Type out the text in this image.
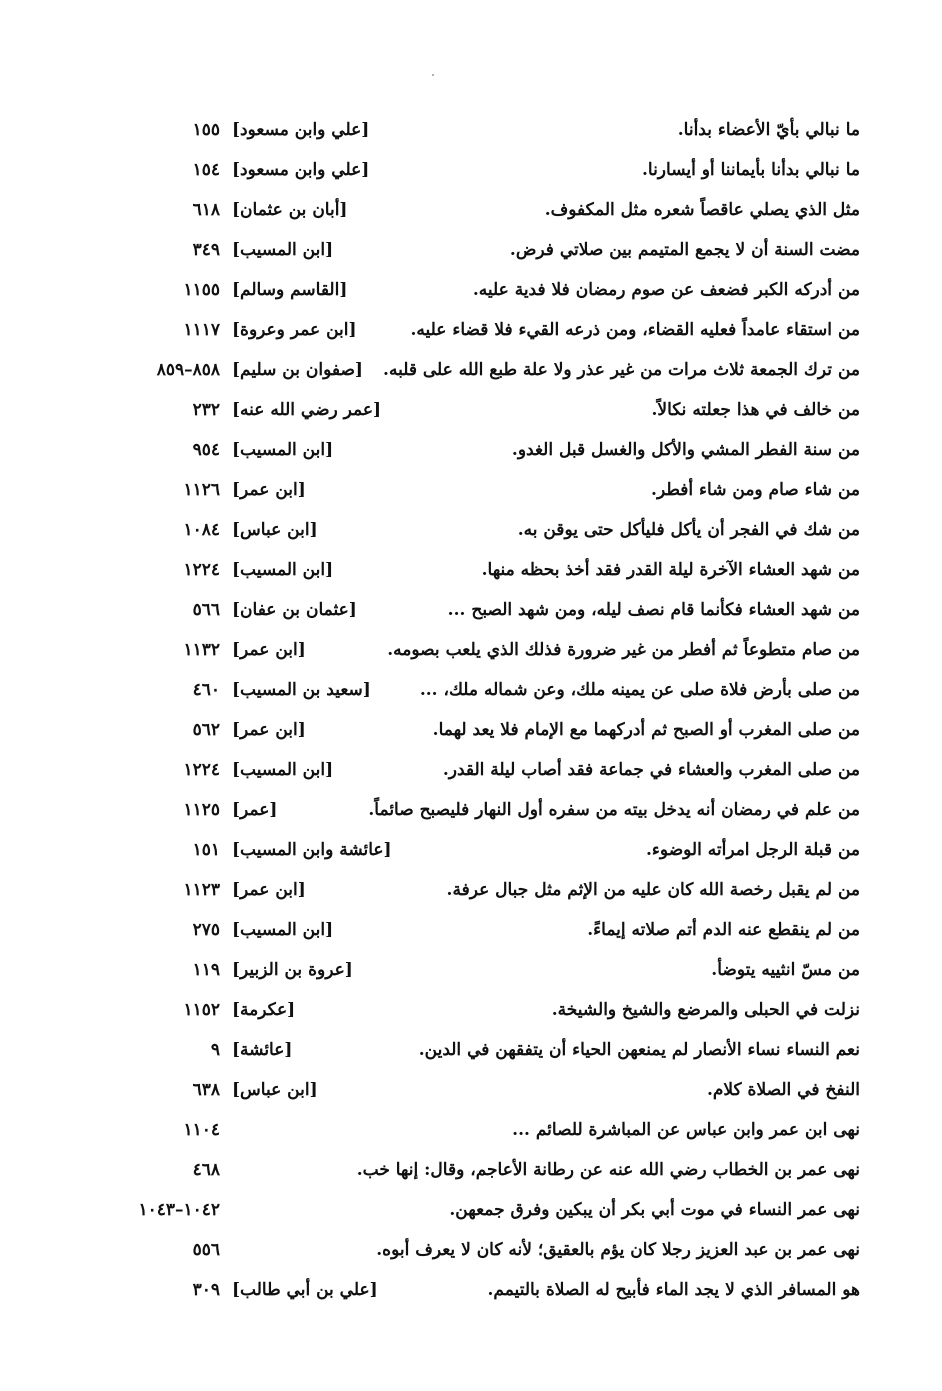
ما نبالي بأيّ الأعضاء بدأنا.
[علي وابن مسعود]
١٥٥
ما نبالي بدأنا بأيماننا أو أيسارنا.
[علي وابن مسعود]
١٥٤
مثل الذي يصلي عاقصاً شعره مثل المكفوف.
[أبان بن عثمان]
٦١٨
مضت السنة أن لا يجمع المتيمم بين صلاتي فرض.
[ابن المسيب]
٣٤٩
من أدركه الكبر فضعف عن صوم رمضان فلا فدية عليه.
[القاسم وسالم]
١١٥٥
من استقاء عامداً فعليه القضاء، ومن ذرعه القيء فلا قضاء عليه.
[ابن عمر وعروة]
١١١٧
من ترك الجمعة ثلاث مرات من غير عذر ولا علة طبع الله على قلبه.
[صفوان بن سليم]
٨٥٨–٨٥٩
من خالف في هذا جعلته نكالاً.
[عمر رضي الله عنه]
٢٣٢
من سنة الفطر المشي والأكل والغسل قبل الغدو.
[ابن المسيب]
٩٥٤
من شاء صام ومن شاء أفطر.
[ابن عمر]
١١٢٦
من شك في الفجر أن يأكل فليأكل حتى يوقن به.
[ابن عباس]
١٠٨٤
من شهد العشاء الآخرة ليلة القدر فقد أخذ بحظه منها.
[ابن المسيب]
١٢٢٤
من شهد العشاء فكأنما قام نصف ليله، ومن شهد الصبح ...
[عثمان بن عفان]
٥٦٦
من صام متطوعاً ثم أفطر من غير ضرورة فذلك الذي يلعب بصومه.
[ابن عمر]
١١٣٢
من صلى بأرض فلاة صلى عن يمينه ملك، وعن شماله ملك، ...
[سعيد بن المسيب]
٤٦٠
من صلى المغرب أو الصبح ثم أدركهما مع الإمام فلا يعد لهما.
[ابن عمر]
٥٦٢
من صلى المغرب والعشاء في جماعة فقد أصاب ليلة القدر.
[ابن المسيب]
١٢٢٤
من علم في رمضان أنه يدخل بيته من سفره أول النهار فليصبح صائماً.
[عمر]
١١٢٥
من قبلة الرجل امرأته الوضوء.
[عائشة وابن المسيب]
١٥١
من لم يقبل رخصة الله كان عليه من الإثم مثل جبال عرفة.
[ابن عمر]
١١٢٣
من لم ينقطع عنه الدم أتم صلاته إيماءً.
[ابن المسيب]
٢٧٥
من مسّ انثييه يتوضأ.
[عروة بن الزبير]
١١٩
نزلت في الحبلى والمرضع والشيخ والشيخة.
[عكرمة]
١١٥٢
نعم النساء نساء الأنصار لم يمنعهن الحياء أن يتفقهن في الدين.
[عائشة]
٩
النفخ في الصلاة كلام.
[ابن عباس]
٦٣٨
نهى ابن عمر وابن عباس عن المباشرة للصائم ...
١١٠٤
نهى عمر بن الخطاب رضي الله عنه عن رطانة الأعاجم، وقال: إنها خب.
٤٦٨
نهى عمر النساء في موت أبي بكر أن يبكين وفرق جمعهن.
١٠٤٢–١٠٤٣
نهى عمر بن عبد العزيز رجلا كان يؤم بالعقيق؛ لأنه كان لا يعرف أبوه.
٥٥٦
هو المسافر الذي لا يجد الماء فأبيح له الصلاة بالتيمم.
[علي بن أبي طالب]
٣٠٩
